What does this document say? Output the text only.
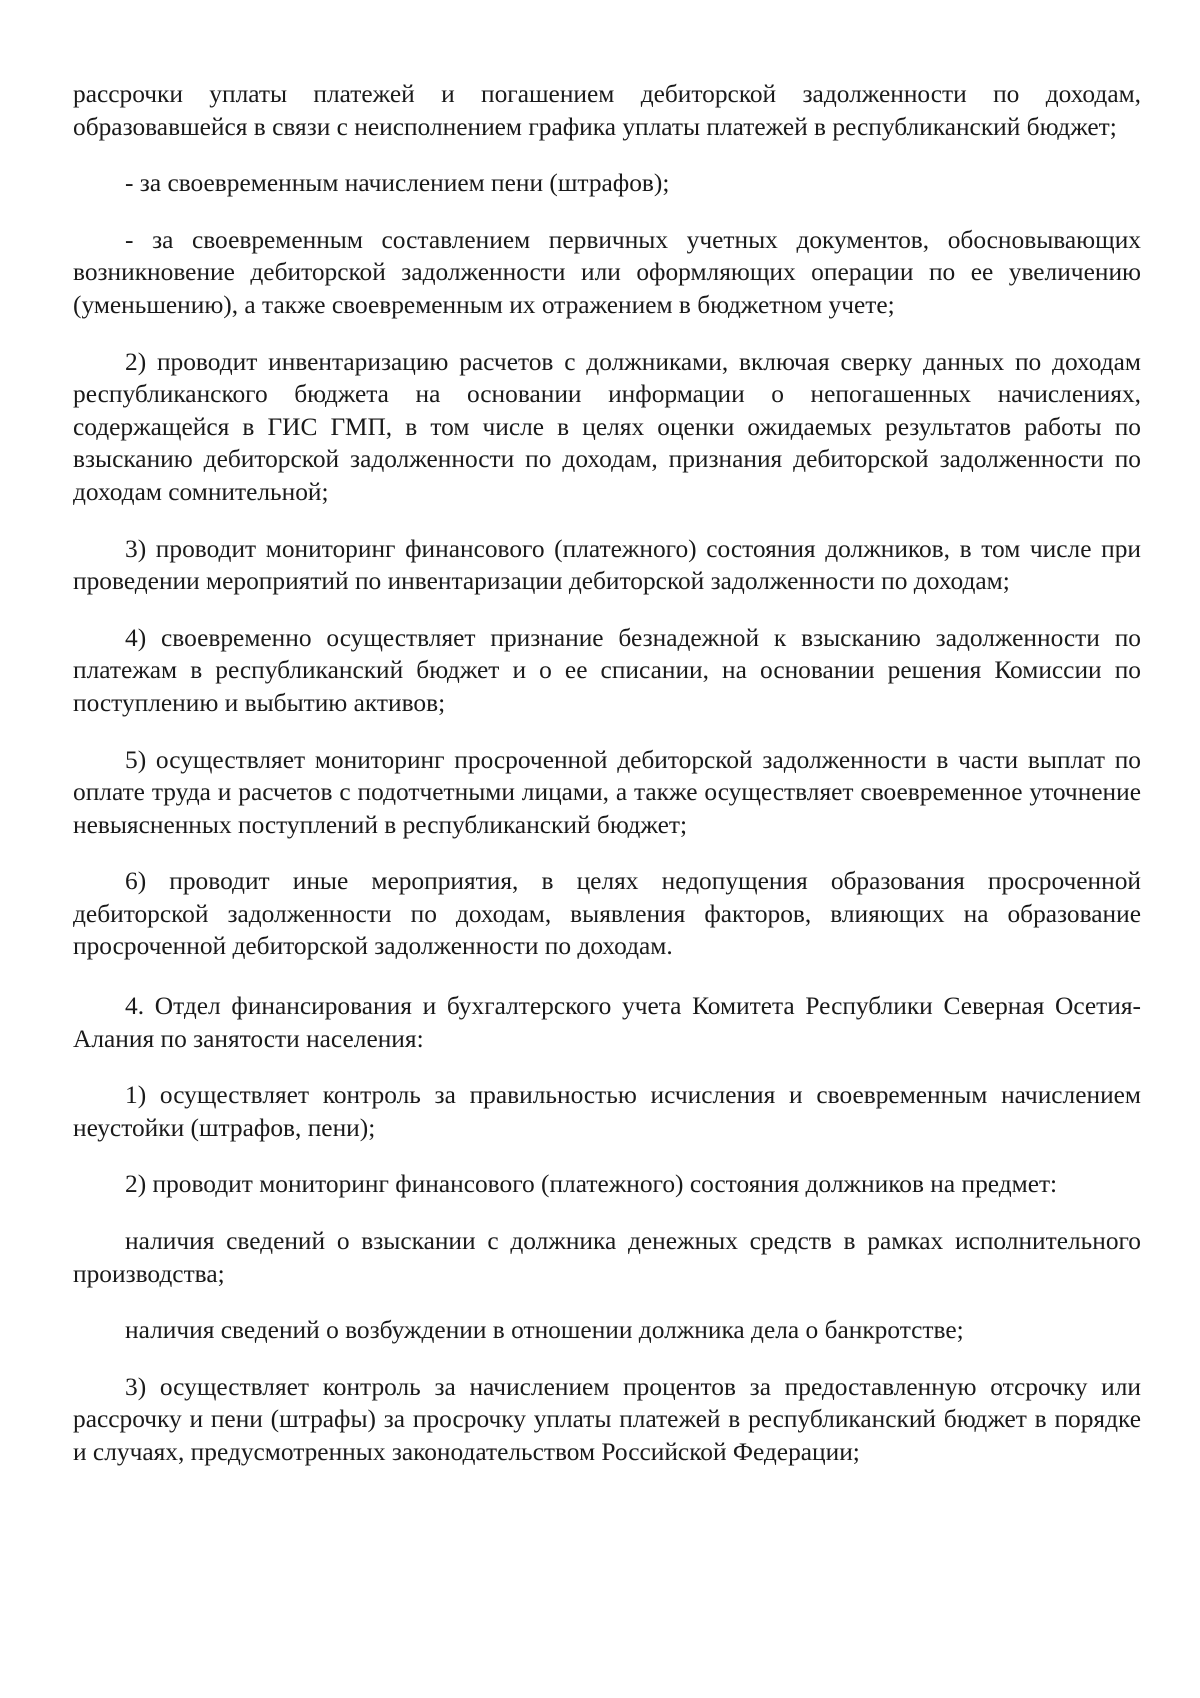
рассрочки уплаты платежей и погашением дебиторской задолженности по доходам, образовавшейся в связи с неисполнением графика уплаты платежей в республиканский бюджет;

- за своевременным начислением пени (штрафов);

- за своевременным составлением первичных учетных документов, обосновывающих возникновение дебиторской задолженности или оформляющих операции по ее увеличению (уменьшению), а также своевременным их отражением в бюджетном учете;

2) проводит инвентаризацию расчетов с должниками, включая сверку данных по доходам республиканского бюджета на основании информации о непогашенных начислениях, содержащейся в ГИС ГМП, в том числе в целях оценки ожидаемых результатов работы по взысканию дебиторской задолженности по доходам, признания дебиторской задолженности по доходам сомнительной;

3) проводит мониторинг финансового (платежного) состояния должников, в том числе при проведении мероприятий по инвентаризации дебиторской задолженности по доходам;

4) своевременно осуществляет признание безнадежной к взысканию задолженности по платежам в республиканский бюджет и о ее списании, на основании решения Комиссии по поступлению и выбытию активов;

5) осуществляет мониторинг просроченной дебиторской задолженности в части выплат по оплате труда и расчетов с подотчетными лицами, а также осуществляет своевременное уточнение невыясненных поступлений в республиканский бюджет;

6) проводит иные мероприятия, в целях недопущения образования просроченной дебиторской задолженности по доходам, выявления факторов, влияющих на образование просроченной дебиторской задолженности по доходам.

4. Отдел финансирования и бухгалтерского учета Комитета Республики Северная Осетия-Алания по занятости населения:

1) осуществляет контроль за правильностью исчисления и своевременным начислением неустойки (штрафов, пени);

2) проводит мониторинг финансового (платежного) состояния должников на предмет:

наличия сведений о взыскании с должника денежных средств в рамках исполнительного производства;

наличия сведений о возбуждении в отношении должника дела о банкротстве;

3) осуществляет контроль за начислением процентов за предоставленную отсрочку или рассрочку и пени (штрафы) за просрочку уплаты платежей в республиканский бюджет в порядке и случаях, предусмотренных законодательством Российской Федерации;
